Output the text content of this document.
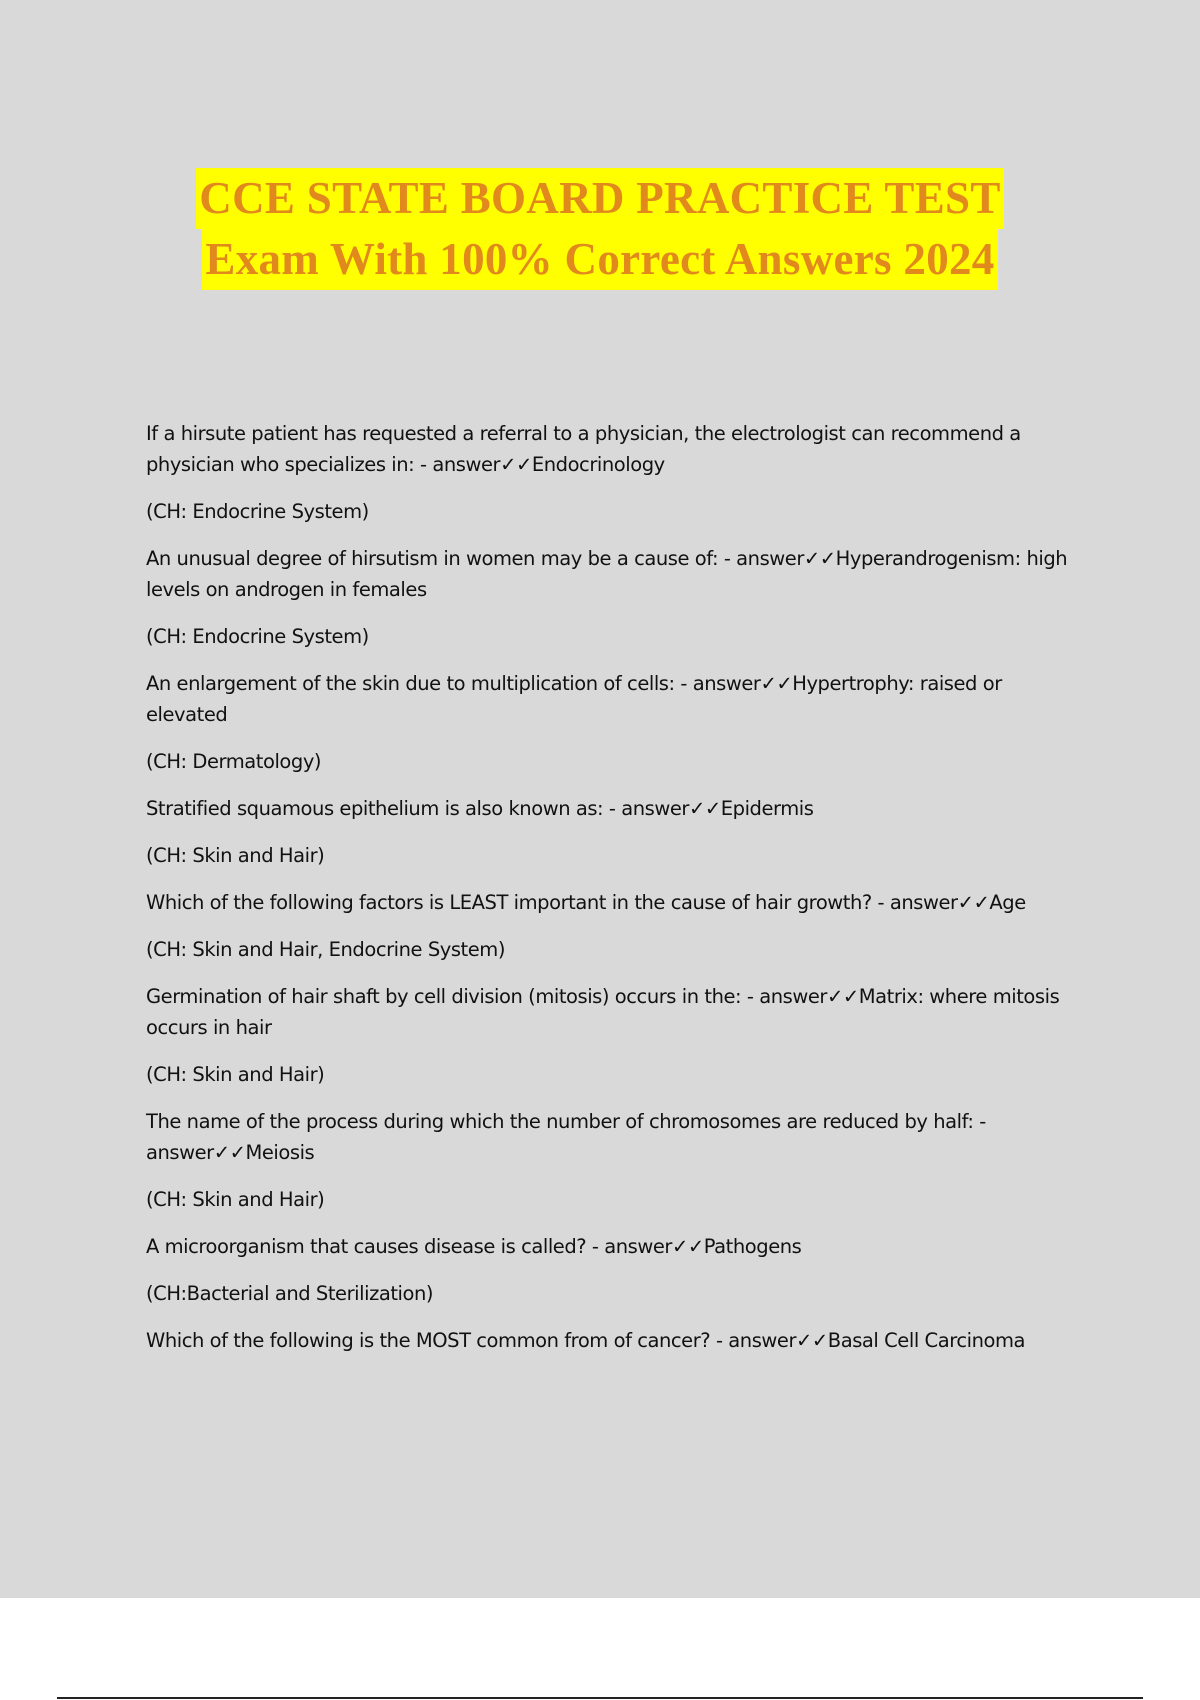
CCE STATE BOARD PRACTICE TEST
Exam With 100% Correct Answers 2024

If a hirsute patient has requested a referral to a physician, the electrologist can recommend a physician who specializes in: - answer✓✓Endocrinology

(CH: Endocrine System)

An unusual degree of hirsutism in women may be a cause of: - answer✓✓Hyperandrogenism: high levels on androgen in females

(CH: Endocrine System)

An enlargement of the skin due to multiplication of cells: - answer✓✓Hypertrophy: raised or elevated

(CH: Dermatology)

Stratified squamous epithelium is also known as: - answer✓✓Epidermis

(CH: Skin and Hair)

Which of the following factors is LEAST important in the cause of hair growth? - answer✓✓Age

(CH: Skin and Hair, Endocrine System)

Germination of hair shaft by cell division (mitosis) occurs in the: - answer✓✓Matrix: where mitosis occurs in hair

(CH: Skin and Hair)

The name of the process during which the number of chromosomes are reduced by half: - answer✓✓Meiosis

(CH: Skin and Hair)

A microorganism that causes disease is called? - answer✓✓Pathogens

(CH:Bacterial and Sterilization)

Which of the following is the MOST common from of cancer? - answer✓✓Basal Cell Carcinoma
